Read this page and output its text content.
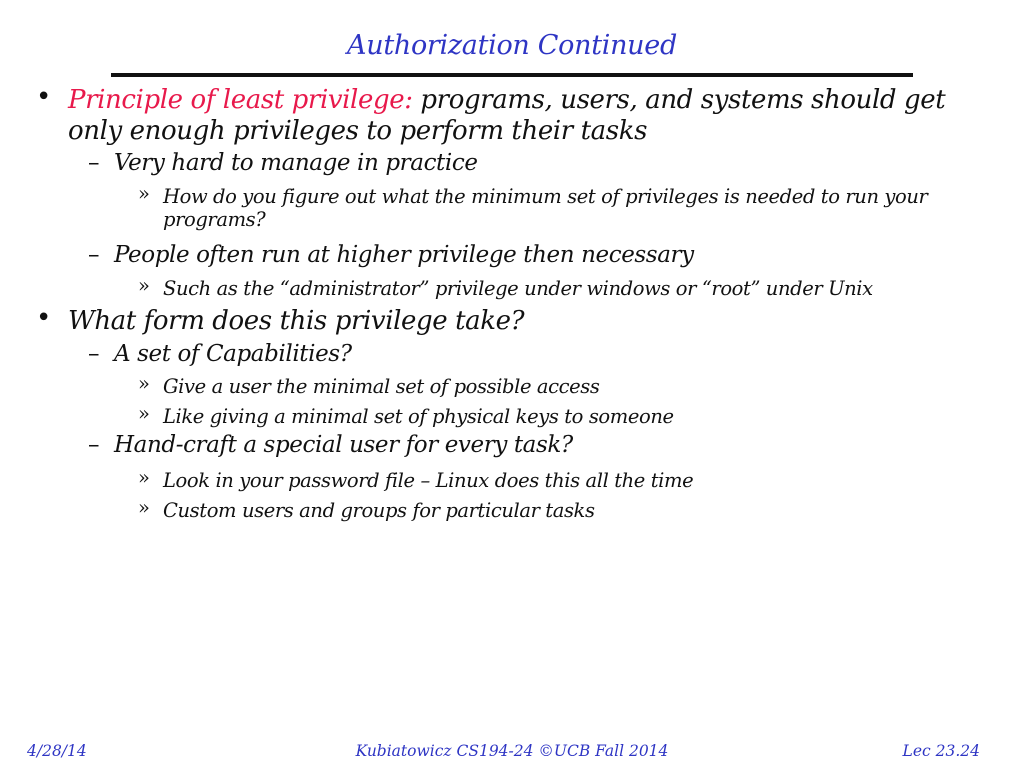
Authorization Continued
• Principle of least privilege: programs, users, and systems should get only enough privileges to perform their tasks
– Very hard to manage in practice
» How do you figure out what the minimum set of privileges is needed to run your programs?
– People often run at higher privilege then necessary
» Such as the “administrator” privilege under windows or “root” under Unix
• What form does this privilege take?
– A set of Capabilities?
» Give a user the minimal set of possible access
» Like giving a minimal set of physical keys to someone
– Hand-craft a special user for every task?
» Look in your password file – Linux does this all the time
» Custom users and groups for particular tasks
4/28/14	Kubiatowicz CS194-24 ©UCB Fall 2014	Lec 23.24
